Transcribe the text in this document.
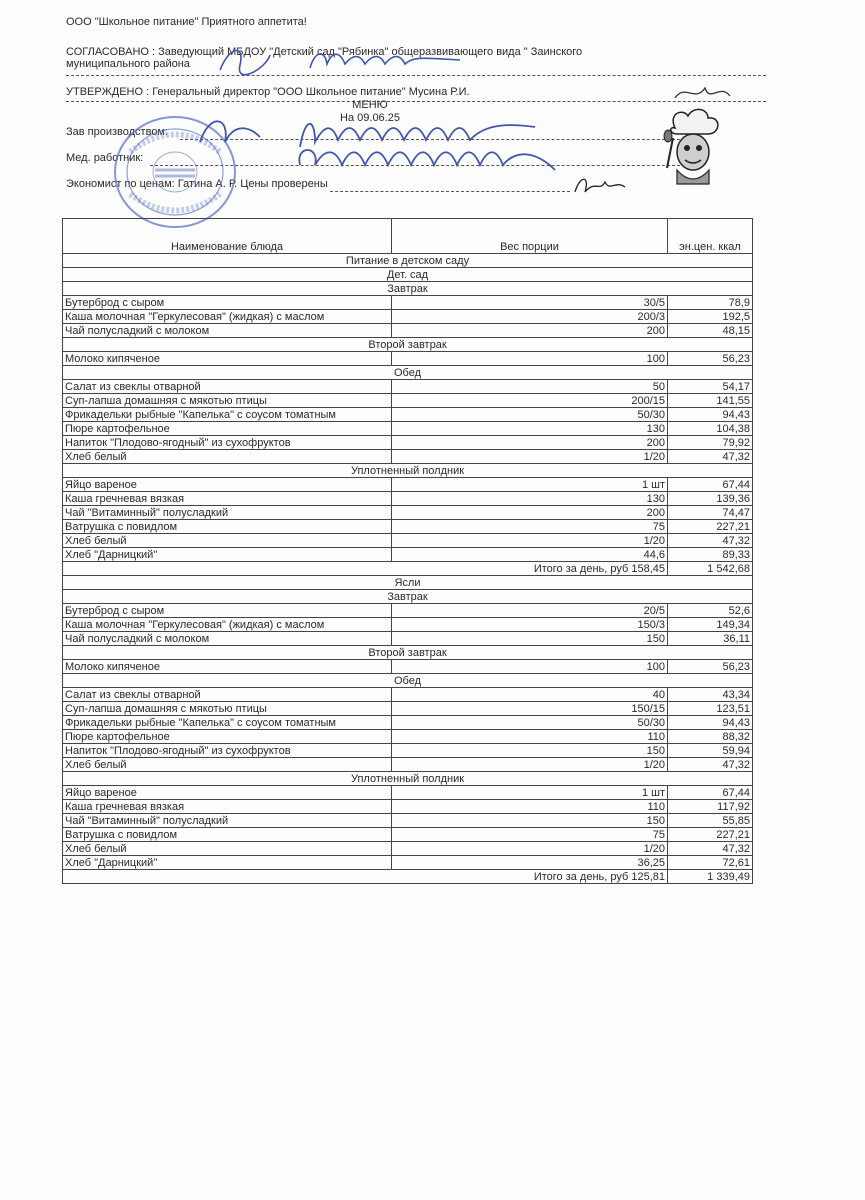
ООО "Школьное питание" Приятного аппетита!
СОГЛАСОВАНО : Заведующий МБДОУ "Детский сад "Рябинка" общеразвивающего вида " Заинского
муниципального района
УТВЕРЖДЕНО : Генеральный директор "ООО Школьное питание" Мусина Р.И.
МЕНЮ
На 09.06.25
Зав производством:
Мед. работник:
Экономист по ценам: Гатина А. Р. Цены проверены
Наименование блюда	Вес порции	эн.цен. ккал
Питание в детском саду		
Дет. сад		
Завтрак		
Бутерброд с сыром	30/5	78,9
Каша молочная "Геркулесовая" (жидкая) с маслом	200/3	192,5
Чай полусладкий с молоком	200	48,15
Второй завтрак		
Молоко кипяченое	100	56,23
Обед		
Салат из свеклы отварной	50	54,17
Суп-лапша домашняя с мякотью птицы	200/15	141,55
Фрикадельки рыбные "Капелька" с соусом томатным	50/30	94,43
Пюре картофельное	130	104,38
Напиток "Плодово-ягодный" из сухофруктов	200	79,92
Хлеб белый	1/20	47,32
Уплотненный полдник		
Яйцо вареное	1 шт	67,44
Каша гречневая вязкая	130	139,36
Чай "Витаминный" полусладкий	200	74,47
Ватрушка с повидлом	75	227,21
Хлеб белый	1/20	47,32
Хлеб "Дарницкий"	44,6	89,33
Итого за день, руб 158,45		1 542,68
Ясли		
Завтрак		
Бутерброд с сыром	20/5	52,6
Каша молочная "Геркулесовая" (жидкая) с маслом	150/3	149,34
Чай полусладкий с молоком	150	36,11
Второй завтрак		
Молоко кипяченое	100	56,23
Обед		
Салат из свеклы отварной	40	43,34
Суп-лапша домашняя с мякотью птицы	150/15	123,51
Фрикадельки рыбные "Капелька" с соусом томатным	50/30	94,43
Пюре картофельное	110	88,32
Напиток "Плодово-ягодный" из сухофруктов	150	59,94
Хлеб белый	1/20	47,32
Уплотненный полдник		
Яйцо вареное	1 шт	67,44
Каша гречневая вязкая	110	117,92
Чай "Витаминный" полусладкий	150	55,85
Ватрушка с повидлом	75	227,21
Хлеб белый	1/20	47,32
Хлеб "Дарницкий"	36,25	72,61
Итого за день, руб 125,81		1 339,49
